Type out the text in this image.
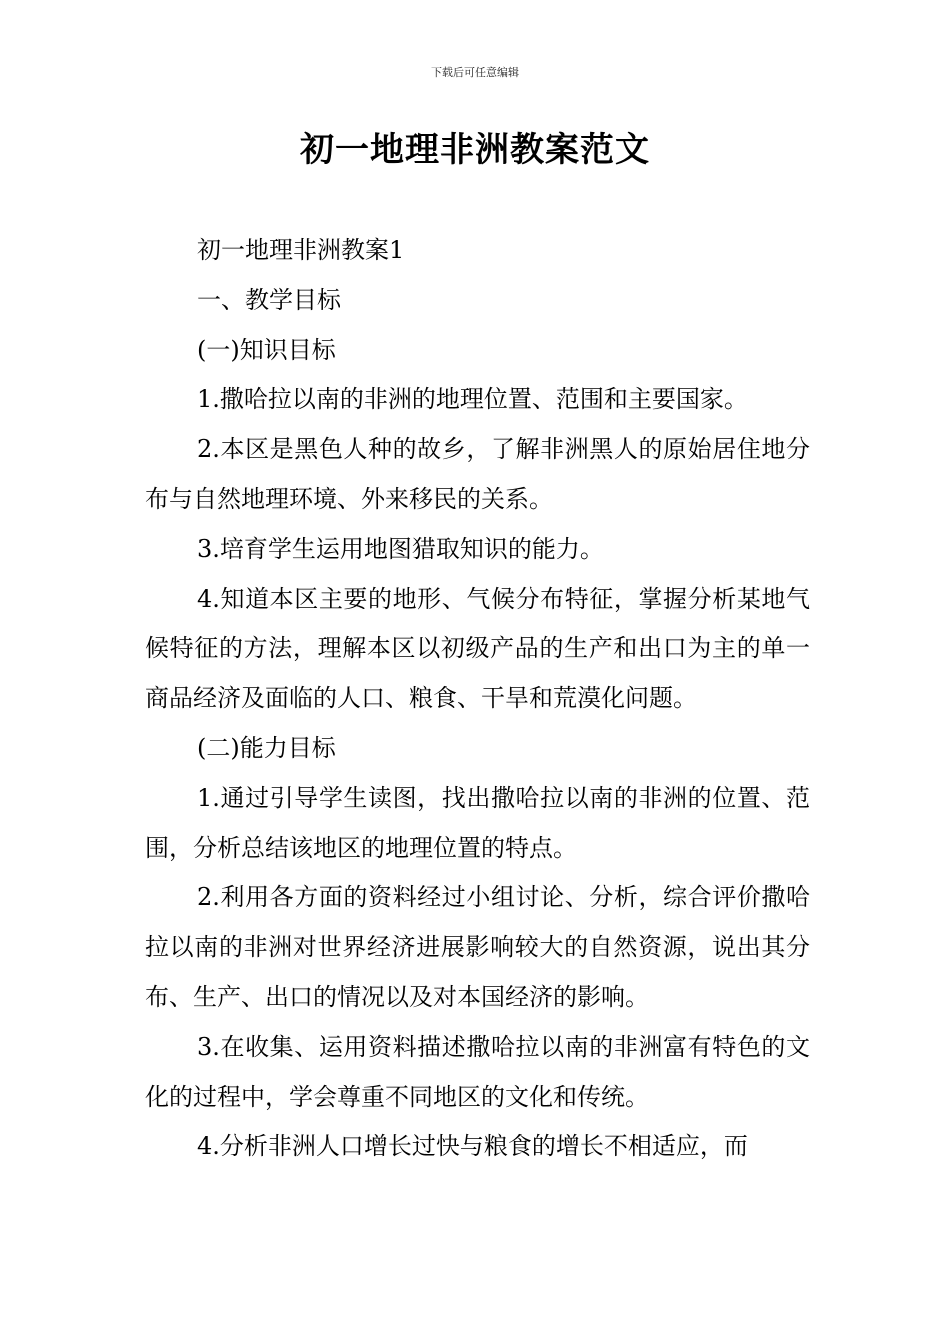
下载后可任意编辑
初一地理非洲教案范文

初一地理非洲教案1

一、教学目标

(一)知识目标

1.撒哈拉以南的非洲的地理位置、范围和主要国家。

2.本区是黑色人种的故乡，了解非洲黑人的原始居住地分布与自然地理环境、外来移民的关系。

3.培育学生运用地图猎取知识的能力。

4.知道本区主要的地形、气候分布特征，掌握分析某地气候特征的方法，理解本区以初级产品的生产和出口为主的单一商品经济及面临的人口、粮食、干旱和荒漠化问题。

(二)能力目标

1.通过引导学生读图，找出撒哈拉以南的非洲的位置、范围，分析总结该地区的地理位置的特点。

2.利用各方面的资料经过小组讨论、分析，综合评价撒哈拉以南的非洲对世界经济进展影响较大的自然资源，说出其分布、生产、出口的情况以及对本国经济的影响。

3.在收集、运用资料描述撒哈拉以南的非洲富有特色的文化的过程中，学会尊重不同地区的文化和传统。

4.分析非洲人口增长过快与粮食的增长不相适应，而
